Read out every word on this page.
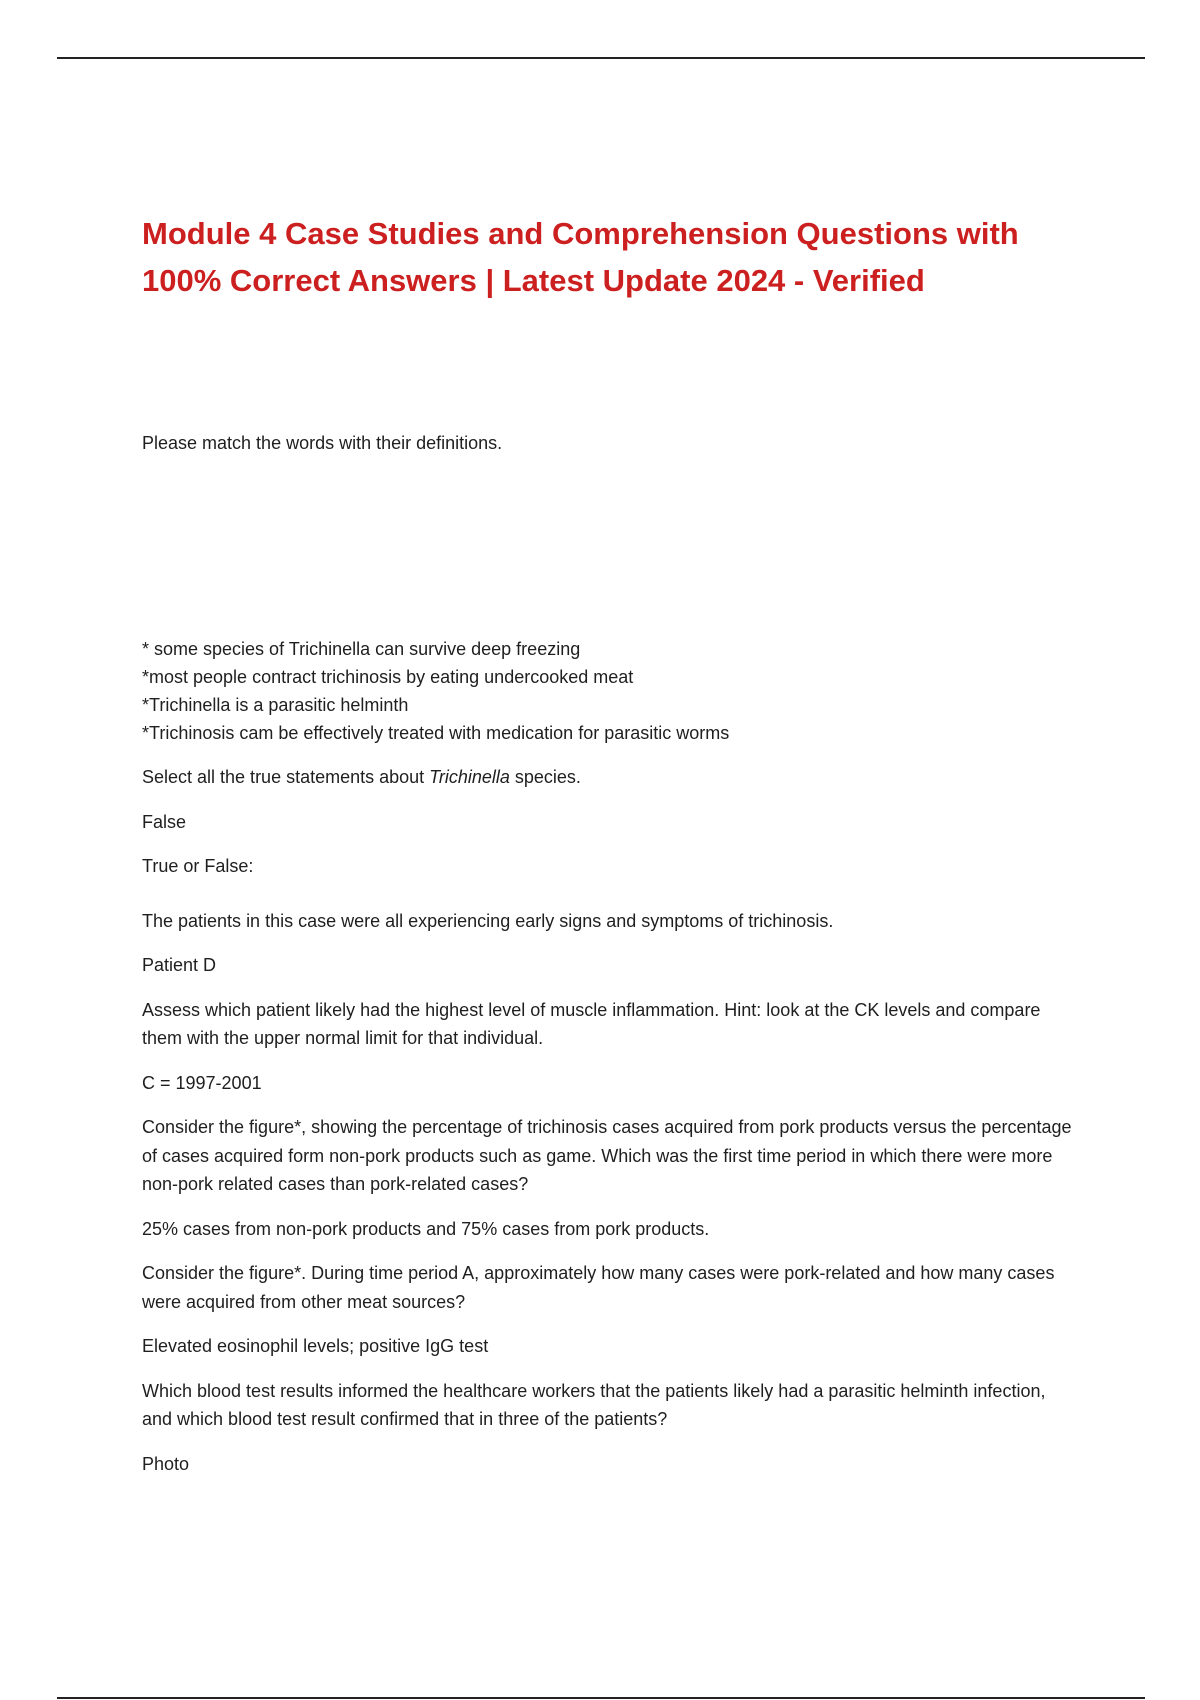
Module 4 Case Studies and Comprehension Questions with 100% Correct Answers | Latest Update 2024 - Verified

Please match the words with their definitions.

* some species of Trichinella can survive deep freezing
*most people contract trichinosis by eating undercooked meat
*Trichinella is a parasitic helminth
*Trichinosis cam be effectively treated with medication for parasitic worms

Select all the true statements about Trichinella species.

False

True or False:

The patients in this case were all experiencing early signs and symptoms of trichinosis.

Patient D

Assess which patient likely had the highest level of muscle inflammation. Hint: look at the CK levels and compare them with the upper normal limit for that individual.

C = 1997-2001

Consider the figure*, showing the percentage of trichinosis cases acquired from pork products versus the percentage of cases acquired form non-pork products such as game. Which was the first time period in which there were more non-pork related cases than pork-related cases?

25% cases from non-pork products and 75% cases from pork products.

Consider the figure*. During time period A, approximately how many cases were pork-related and how many cases were acquired from other meat sources?

Elevated eosinophil levels; positive IgG test

Which blood test results informed the healthcare workers that the patients likely had a parasitic helminth infection, and which blood test result confirmed that in three of the patients?

Photo
